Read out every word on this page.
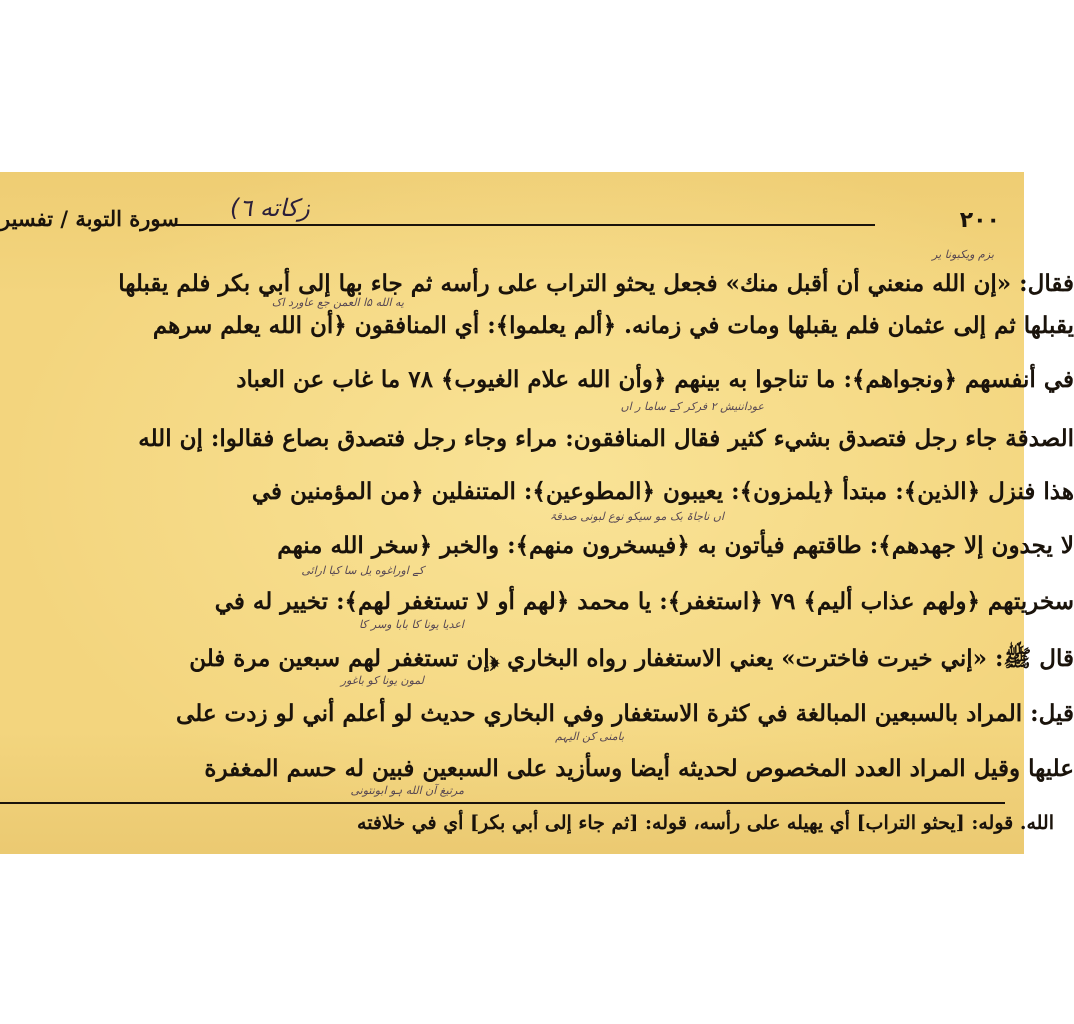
٢٠٠
زكاته ٦)
سورة التوبة / تفسير
فقال: «إن الله منعني أن أقبل منك» فجعل يحثو التراب على رأسه ثم جاء بها إلى أبي بكر فلم يقبلها
يه الله ۵ا العمن جع عاورد اک
يقبلها ثم إلى عثمان فلم يقبلها ومات في زمانه. ﴿ألم يعلموا﴾: أي المنافقون ﴿أن الله يعلم سرهم
بزم ويكبونا ير
في أنفسهم ﴿ونجواهم﴾: ما تناجوا به بينهم ﴿وأن الله علام الغيوب﴾ ٧٨ ما غاب عن العباد
عوداننیش ۲ فرکر کے ساما ر اں
الصدقة جاء رجل فتصدق بشيء كثير فقال المنافقون: مراء وجاء رجل فتصدق بصاع فقالوا: إن الله
هذا فنزل ﴿الذين﴾: مبتدأ ﴿يلمزون﴾: يعيبون ﴿المطوعين﴾: المتنفلين ﴿من المؤمنين في
اں ناجاۃ بک مو سیکو نوع لبونی صدقۃ
لا يجدون إلا جهدهم﴾: طاقتهم فيأتون به ﴿فيسخرون منهم﴾: والخبر ﴿سخر الله منهم
کے اوراغوه یل سا کیا ارائی
سخريتهم ﴿ولهم عذاب أليم﴾ ٧٩ ﴿استغفر﴾: يا محمد ﴿لهم أو لا تستغفر لهم﴾: تخيير له في
اعدیا یونا کا بابا وسر کا
قال ﷺ: «إني خيرت فاخترت» يعني الاستغفار رواه البخاري ﴿إن تستغفر لهم سبعين مرة فلن
لمون یونا کو باغور
قيل: المراد بالسبعين المبالغة في كثرة الاستغفار وفي البخاري حديث لو أعلم أني لو زدت على
بامنی کن الیہم
عليها وقيل المراد العدد المخصوص لحديثه أيضا وسأزيد على السبعين فبين له حسم المغفرة
مرتیغ آن الله ہو ابونتونی
الله. قوله: [يحثو التراب] أي يهيله على رأسه، قوله: [ثم جاء إلى أبي بكر] أي في خلافته
